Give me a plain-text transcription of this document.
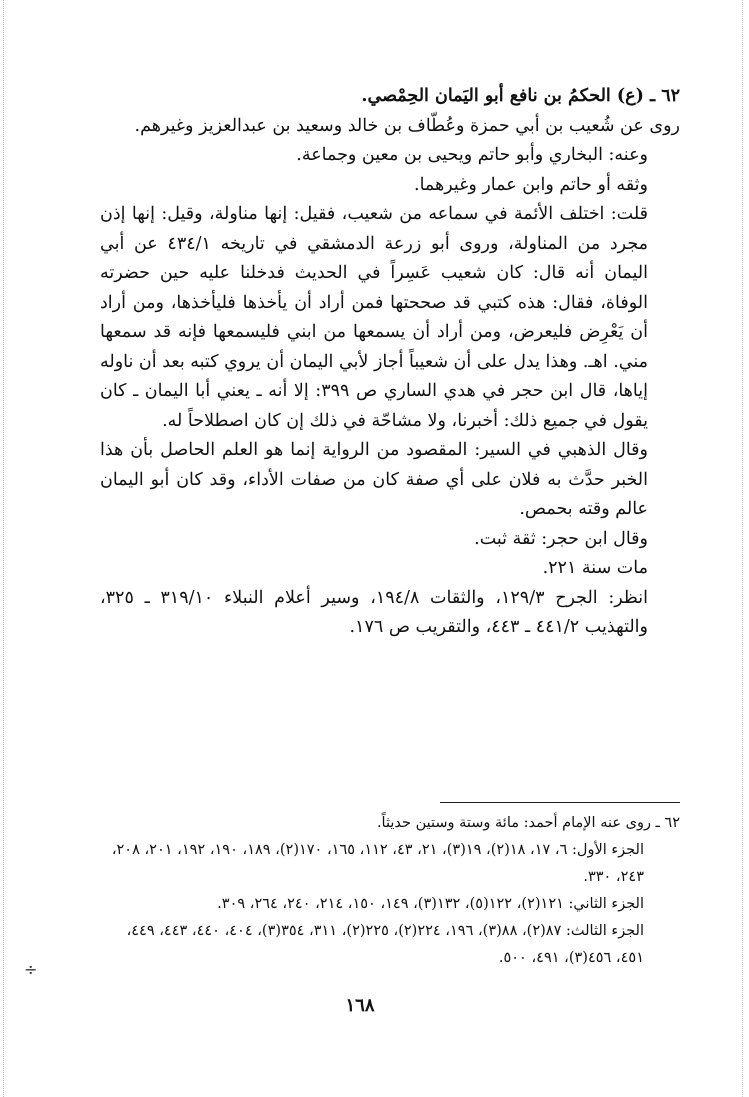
٦٢ ـ (ع) الحكمُ بن نافع أبو اليَمان الحِمْصي.

روى عن شُعيب بن أبي حمزة وعُطّاف بن خالد وسعيد بن عبدالعزيز وغيرهم.

وعنه: البخاري وأبو حاتم ويحيى بن معين وجماعة.

وثقه أو حاتم وابن عمار وغيرهما.

قلت: اختلف الأئمة في سماعه من شعيب، فقيل: إنها مناولة، وقيل: إنها إذن مجرد من المناولة، وروى أبو زرعة الدمشقي في تاريخه ٤٣٤/١ عن أبي اليمان أنه قال: كان شعيب عَسِراً في الحديث فدخلنا عليه حين حضرته الوفاة، فقال: هذه كتبي قد صححتها فمن أراد أن يأخذها فليأخذها، ومن أراد أن يَعْرِض فليعرض، ومن أراد أن يسمعها من ابني فليسمعها فإنه قد سمعها مني. اهـ. وهذا يدل على أن شعيباً أجاز لأبي اليمان أن يروي كتبه بعد أن ناوله إياها، قال ابن حجر في هدي الساري ص ٣٩٩: إلا أنه ـ يعني أبا اليمان ـ كان يقول في جميع ذلك: أخبرنا، ولا مشاحّة في ذلك إن كان اصطلاحاً له.

وقال الذهبي في السير: المقصود من الرواية إنما هو العلم الحاصل بأن هذا الخبر حدَّث به فلان على أي صفة كان من صفات الأداء، وقد كان أبو اليمان عالم وقته بحمص.

وقال ابن حجر: ثقة ثبت.

مات سنة ٢٢١.

انظر: الجرح ١٢٩/٣، والثقات ١٩٤/٨، وسير أعلام النبلاء ٣١٩/١٠ ـ ٣٢٥، والتهذيب ٤٤١/٢ ـ ٤٤٣، والتقريب ص ١٧٦.

٦٢ ـ روى عنه الإمام أحمد: مائة وستة وستين حديثاً.

الجزء الأول: ٦، ١٧، ١٨(٢)، ١٩(٣)، ٢١، ٤٣، ١١٢، ١٦٥، ١٧٠(٢)، ١٨٩، ١٩٠، ١٩٢، ٢٠١، ٢٠٨، ٢٤٣، ٣٣٠.

الجزء الثاني: ١٢١(٢)، ١٢٢(٥)، ١٣٢(٣)، ١٤٩، ١٥٠، ٢١٤، ٢٤٠، ٢٦٤، ٣٠٩.

الجزء الثالث: ٨٧(٢)، ٨٨(٣)، ١٩٦، ٢٢٤(٢)، ٢٢٥(٢)، ٣١١، ٣٥٤(٣)، ٤٠٤، ٤٤٠، ٤٤٣، ٤٤٩، ٤٥١، ٤٥٦(٣)، ٤٩١، ٥٠٠.

÷
١٦٨
